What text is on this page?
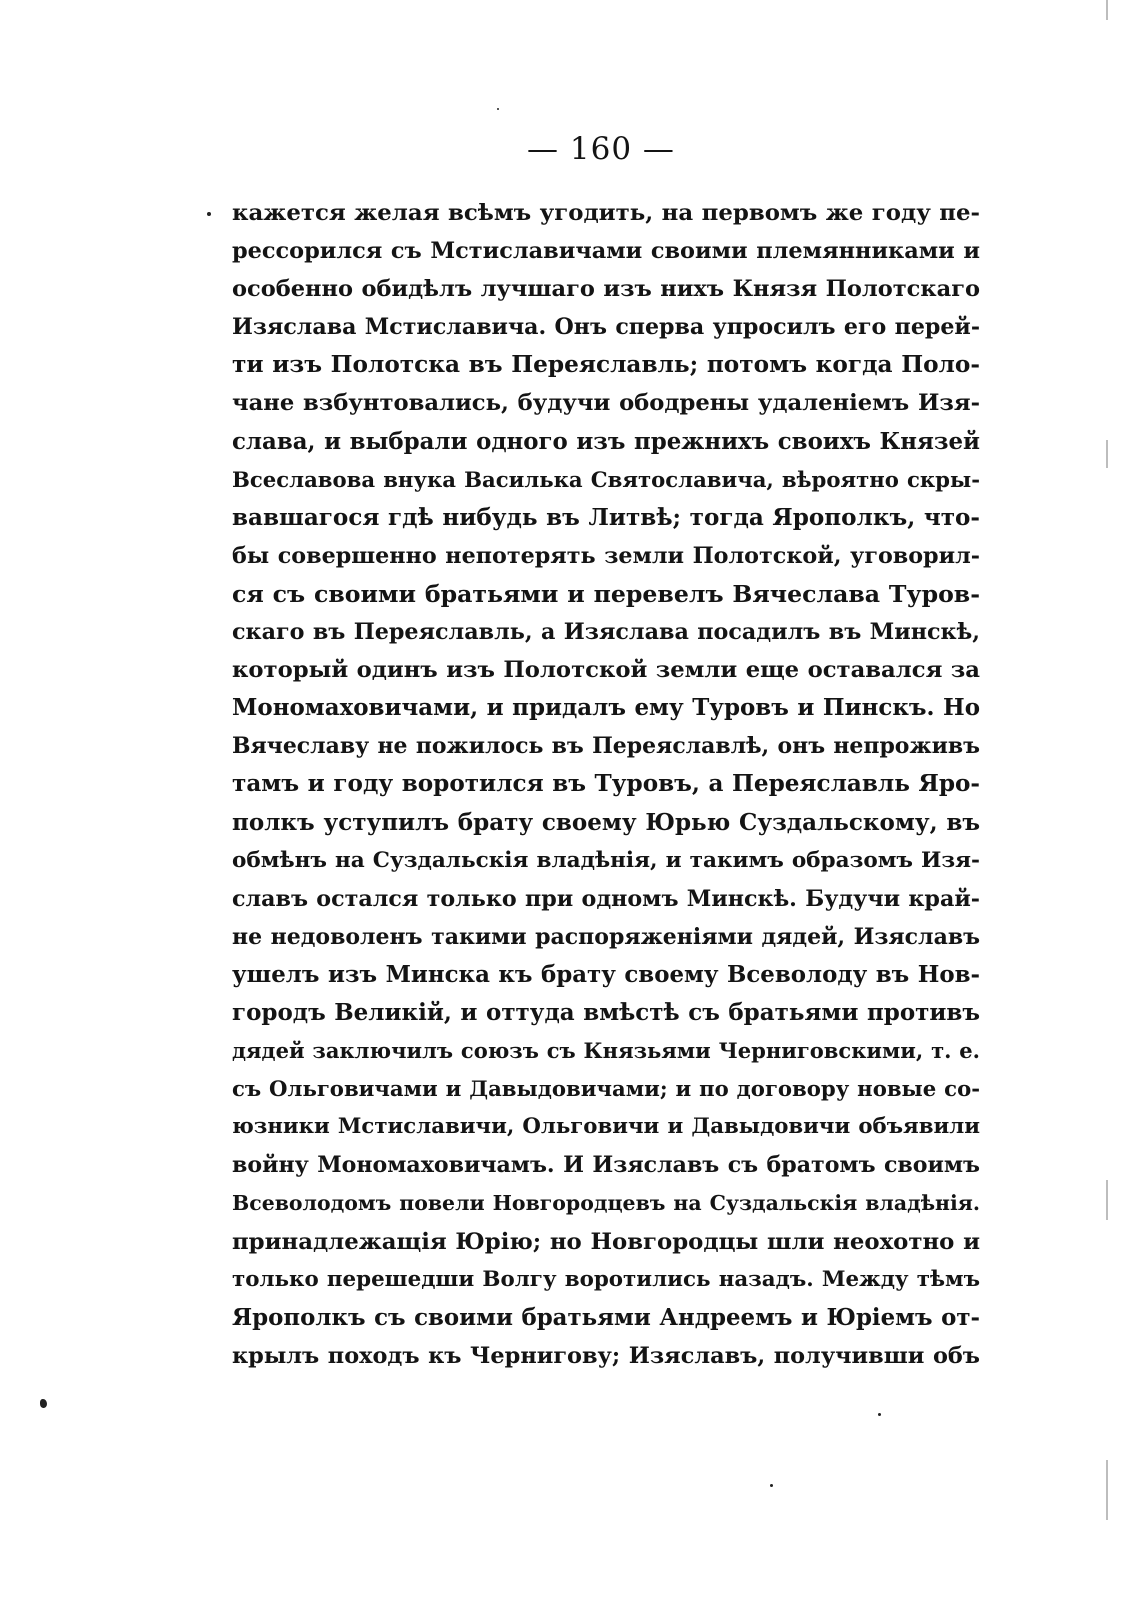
— 160 —
кажется желая всѣмъ угодить, на первомъ же году пе-
рессорился съ Мстиславичами своими племянниками и
особенно обидѣлъ лучшаго изъ нихъ Князя Полотскаго
Изяслава Мстиславича. Онъ сперва упросилъ его перей-
ти изъ Полотска въ Переяславль; потомъ когда Поло-
чане взбунтовались, будучи ободрены удаленіемъ Изя-
слава, и выбрали одного изъ прежнихъ своихъ Князей
Всеславова внука Василька Святославича, вѣроятно скры-
вавшагося гдѣ нибудь въ Литвѣ; тогда Ярополкъ, что-
бы совершенно непотерять земли Полотской, уговорил-
ся съ своими братьями и перевелъ Вячеслава Туров-
скаго въ Переяславль, а Изяслава посадилъ въ Минскѣ,
который одинъ изъ Полотской земли еще оставался за
Мономаховичами, и придалъ ему Туровъ и Пинскъ. Но
Вячеславу не пожилось въ Переяславлѣ, онъ непроживъ
тамъ и году воротился въ Туровъ, а Переяславль Яро-
полкъ уступилъ брату своему Юрью Суздальскому, въ
обмѣнъ на Суздальскія владѣнія, и такимъ образомъ Изя-
славъ остался только при одномъ Минскѣ. Будучи край-
не недоволенъ такими распоряженіями дядей, Изяславъ
ушелъ изъ Минска къ брату своему Всеволоду въ Нов-
городъ Великій, и оттуда вмѣстѣ съ братьями противъ
дядей заключилъ союзъ съ Князьями Черниговскими, т. е.
съ Ольговичами и Давыдовичами; и по договору новые со-
юзники Мстиславичи, Ольговичи и Давыдовичи объявили
войну Мономаховичамъ. И Изяславъ съ братомъ своимъ
Всеволодомъ повели Новгородцевъ на Суздальскія владѣнія.
принадлежащія Юрію; но Новгородцы шли неохотно и
только перешедши Волгу воротились назадъ. Между тѣмъ
Ярополкъ съ своими братьями Андреемъ и Юріемъ от-
крылъ походъ къ Чернигову; Изяславъ, получивши объ
